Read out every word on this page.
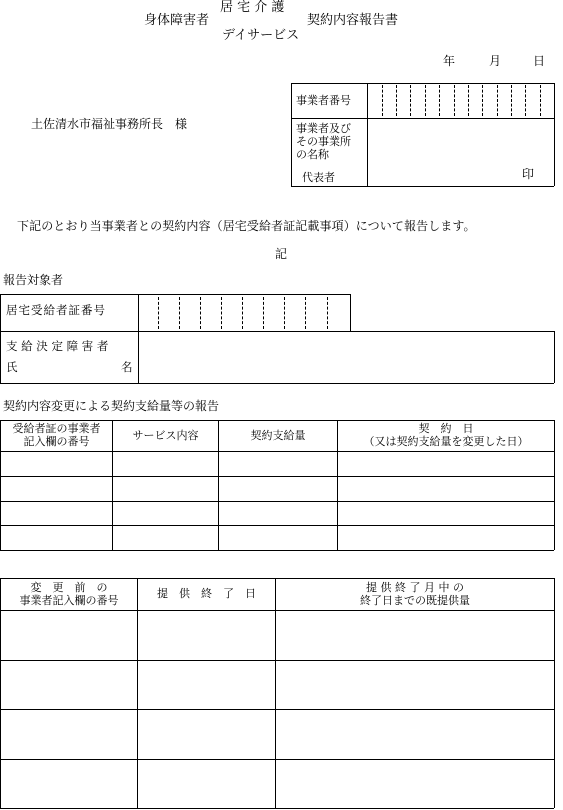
居 宅 介 護
身体障害者	契約内容報告書
デイサービス
年	月	日
土佐清水市福祉事務所長　様
事業者番号
事業者及び
その事業所
の名称
代表者	印
下記のとおり当事業者との契約内容（居宅受給者証記載事項）について報告します。
記
報告対象者
居宅受給者証番号
支 給 決 定 障 害 者
氏	名
契約内容変更による契約支給量等の報告
受給者証の事業者
記入欄の番号	サービス内容	契約支給量	契　約　日
（又は契約支給量を変更した日）
変　更　前　の
事業者記入欄の番号	提　供　終　了　日	提 供 終 了 月 中 の
終了日までの既提供量
